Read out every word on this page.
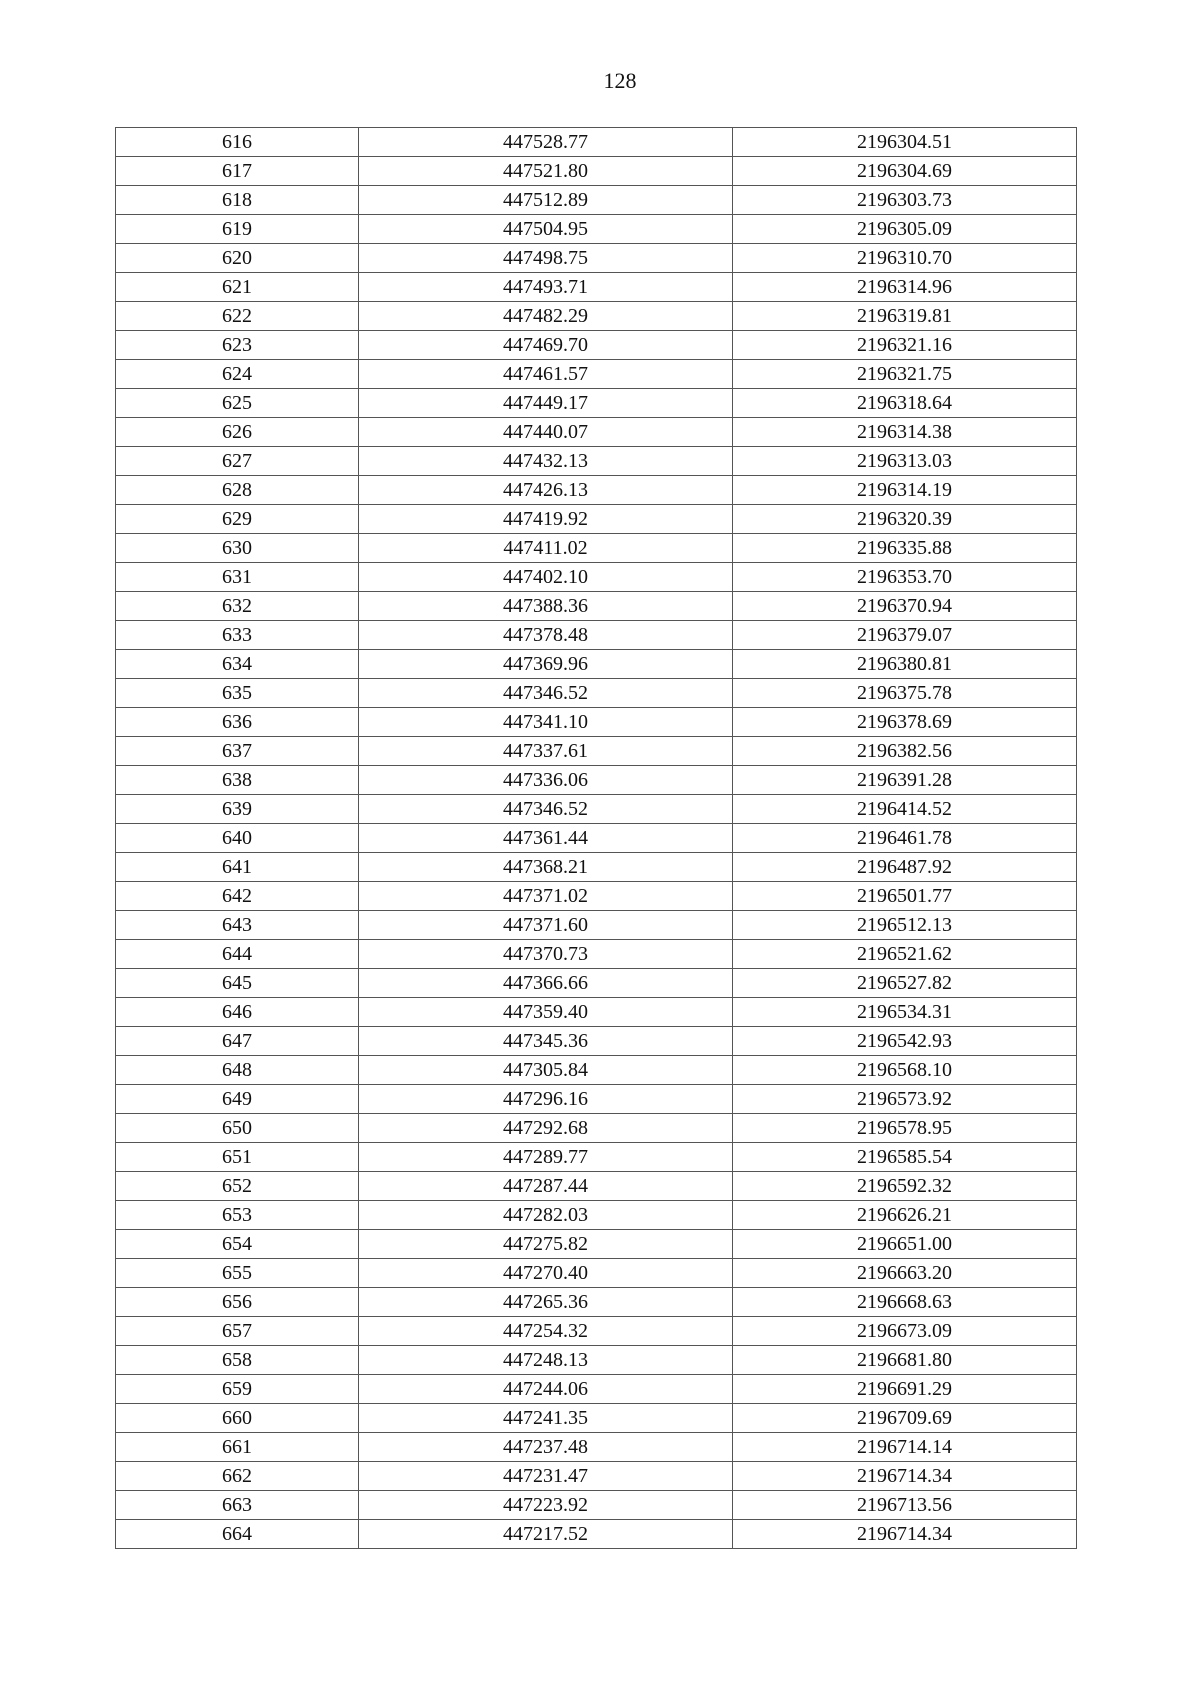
128
616	447528.77	2196304.51
617	447521.80	2196304.69
618	447512.89	2196303.73
619	447504.95	2196305.09
620	447498.75	2196310.70
621	447493.71	2196314.96
622	447482.29	2196319.81
623	447469.70	2196321.16
624	447461.57	2196321.75
625	447449.17	2196318.64
626	447440.07	2196314.38
627	447432.13	2196313.03
628	447426.13	2196314.19
629	447419.92	2196320.39
630	447411.02	2196335.88
631	447402.10	2196353.70
632	447388.36	2196370.94
633	447378.48	2196379.07
634	447369.96	2196380.81
635	447346.52	2196375.78
636	447341.10	2196378.69
637	447337.61	2196382.56
638	447336.06	2196391.28
639	447346.52	2196414.52
640	447361.44	2196461.78
641	447368.21	2196487.92
642	447371.02	2196501.77
643	447371.60	2196512.13
644	447370.73	2196521.62
645	447366.66	2196527.82
646	447359.40	2196534.31
647	447345.36	2196542.93
648	447305.84	2196568.10
649	447296.16	2196573.92
650	447292.68	2196578.95
651	447289.77	2196585.54
652	447287.44	2196592.32
653	447282.03	2196626.21
654	447275.82	2196651.00
655	447270.40	2196663.20
656	447265.36	2196668.63
657	447254.32	2196673.09
658	447248.13	2196681.80
659	447244.06	2196691.29
660	447241.35	2196709.69
661	447237.48	2196714.14
662	447231.47	2196714.34
663	447223.92	2196713.56
664	447217.52	2196714.34
